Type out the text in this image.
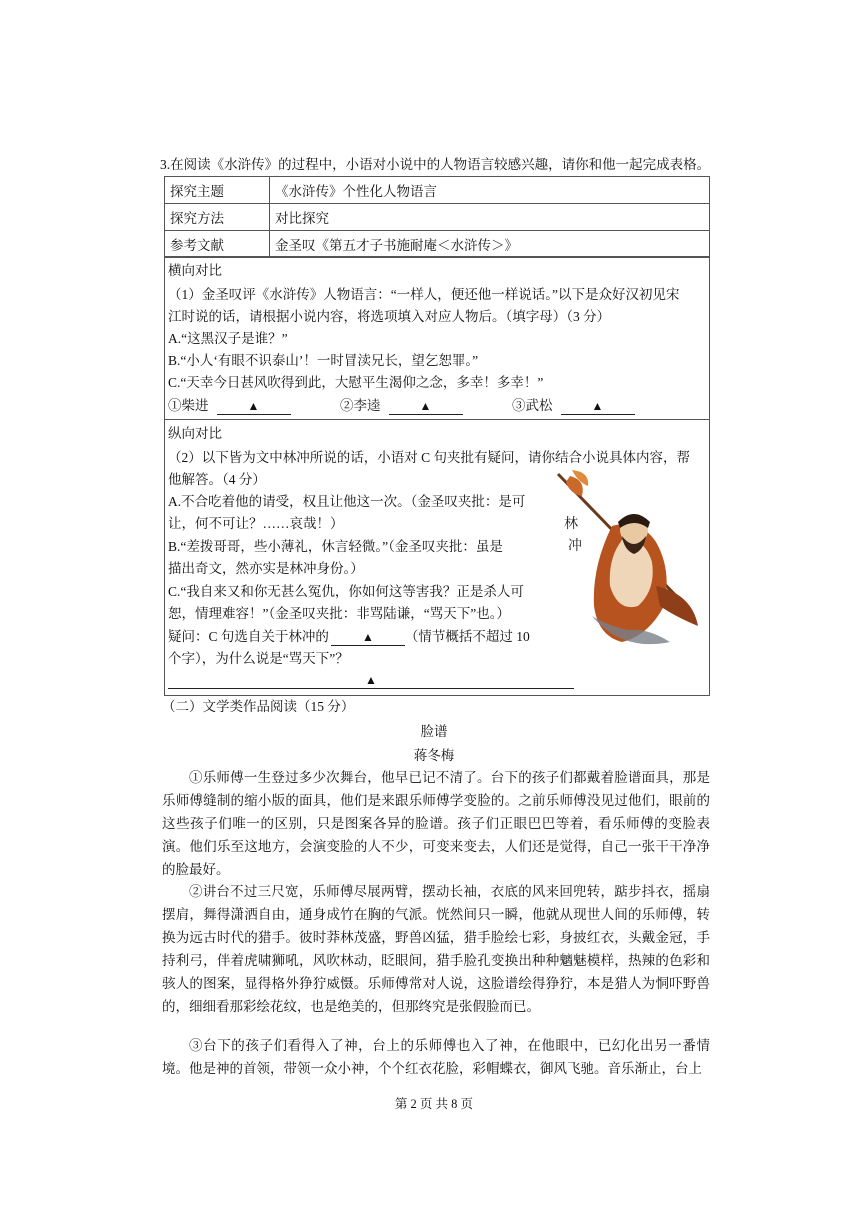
3.在阅读《水浒传》的过程中，小语对小说中的人物语言较感兴趣，请你和他一起完成表格。
探究主题	《水浒传》个性化人物语言
探究方法	对比探究
参考文献	金圣叹《第五才子书施耐庵＜水浒传＞》
横向对比
（1）金圣叹评《水浒传》人物语言：“一样人，便还他一样说话。”以下是众好汉初见宋
江时说的话，请根据小说内容，将选项填入对应人物后。（填字母）（3 分）
A.“这黑汉子是谁？”
B.“小人‘有眼不识泰山’！一时冒渎兄长，望乞恕罪。”
C.“天幸今日甚风吹得到此，大慰平生渴仰之念，多幸！多幸！”
①柴进	▲	②李逵	▲	③武松	▲
纵向对比
（2）以下皆为文中林冲所说的话，小语对 C 句夹批有疑问，请你结合小说具体内容，帮
他解答。（4 分）
A.不合吃着他的请受，权且让他这一次。（金圣叹夹批：是可
让，何不可让？……哀哉！）
B.“差拨哥哥，些小薄礼，休言轻微。”（金圣叹夹批：虽是
描出奇文，然亦实是林冲身份。）
C.“我自来又和你无甚么冤仇，你如何这等害我？正是杀人可
恕，情理难容！”（金圣叹夹批：非骂陆谦，“骂天下”也。）
疑问：C 句选自关于林冲的	▲ （情节概括不超过 10
个字），为什么说是“骂天下”？
▲
林
冲
（二）文学类作品阅读（15 分）
脸谱
蒋冬梅
①乐师傅一生登过多少次舞台，他早已记不清了。台下的孩子们都戴着脸谱面具，那是乐师傅缝制的缩小版的面具，他们是来跟乐师傅学变脸的。之前乐师傅没见过他们，眼前的这些孩子们唯一的区别，只是图案各异的脸谱。孩子们正眼巴巴等着，看乐师傅的变脸表演。他们乐至这地方，会演变脸的人不少，可变来变去，人们还是觉得，自己一张干干净净的脸最好。
②讲台不过三尺宽，乐师傅尽展两臂，摆动长袖，衣底的风来回兜转，踮步抖衣，摇扇摆肩，舞得潇洒自由，通身成竹在胸的气派。恍然间只一瞬，他就从现世人间的乐师傅，转换为远古时代的猎手。彼时莽林茂盛，野兽凶猛，猎手脸绘七彩，身披红衣，头戴金冠，手持利弓，伴着虎啸狮吼，风吹林动，眨眼间，猎手脸孔变换出种种魑魅模样，热辣的色彩和骇人的图案，显得格外狰狞威慑。乐师傅常对人说，这脸谱绘得狰狞，本是猎人为恫吓野兽的，细细看那彩绘花纹，也是绝美的，但那终究是张假脸而已。
③台下的孩子们看得入了神，台上的乐师傅也入了神，在他眼中，已幻化出另一番情境。他是神的首领，带领一众小神，个个红衣花脸，彩帽蝶衣，御风飞驰。音乐渐止，台上
第 2 页 共 8 页
